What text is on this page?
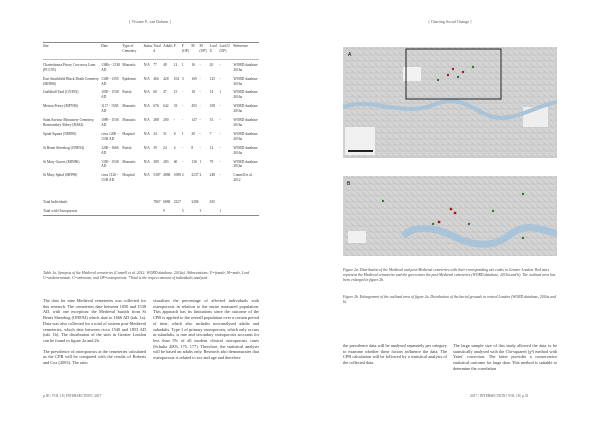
[ Viviane E. van Dalsem ]	[ Charting Social Change ]
Site	Date	Type of Cemetery	Status	Total #	Adults	F	F (OP)	M	M (OP)	Lord U	Lord U (OP)	Reference
Charterhouse Priory Cowcross Lane (PCC95)	1380s - 1538 AD	Monastic	N/A	77	48	12	1	16	-	20	-	WORD database 2016a
East Smithfield Black Death Cemetery (MIN86)	1348 - 1350 AD	Epidemic	N/A	466	428	104	3	169	-	125	-	WORD database 2016a
Guildhall Yard (GYE92)	1050 - 1538 AD	Parish	N/A	60	47	15	-	18	-	14	1	WORD database 2016a
Merton Priory (MPY86)	1117 - 1538 AD	Monastic	N/A	676	642	33	-	493	-	108	-	WORD database 2016a
Saint Saviour Monastery Cemetery, Bermondsey Abbey (BA84)	1089 - 1538 AD	Monastic	N/A	288	200	-	-	147	-	53	-	WORD database 2016a
Spital Square (NEB90)	circa 1200 - 1538 AD	Hospital	N/A	34	31	8	1	20	-	7	-	WORD database 2016a
St Benet Sherehog (ONE94)	1200 - 1666 AD	Parish	N/A	39	24	4	-	8	-	12	-	WORD database 2016a
St Mary Graces (MIN86)	1350 - 1538 AD	Monastic	N/A	389	283	60	-	136	1	79	-	WORD database 2016a
St Mary Spital (SRP98)	circa 1120 - 1538 AD	Hospital	N/A	5387	4868	1088	2	2237	2	248	-	Connell et al. 2012
Total Individuals				7867	6868	2327		3286		635		
Total with Osteoporosis					9		5		3		1	
Table 1a. Synopsis of the Medieval cemeteries (Connell et al. 2012; WORD database, 2016a). Abbreviations: F=female, M=male, Lord U=undeterminate, U=unknown, and OP=osteoporosis. *Total is the respect amount of individuals analysed.

The data for nine Medieval cemeteries was collected for this research. The cemeteries date between 1050 and 1538 AD, with one exception: the Medieval burials from St Benet Sherehog (ONE94) which date to 1666 AD (tab. 1a). Data was also collected for a total of sixteen post-Medieval cemeteries, which date between circa 1540 and 1853 AD (tab. 1b). The distribution of the sites in Greater London can be found in figure 2a and 2b.

The prevalence of osteoporosis at the cemeteries calculated as the CPR will be compared with the results of Roberts and Cox (2003). The ratio

visualises the percentage of affected individuals with osteoporosis in relation to the entire measured population. This approach has its limitations since the outcome of the CPR is applied to the overall population over a certain period of time, which also includes non-analysed adults and subadults. Type 1 of primary osteoporosis, which only occurs in subadults, is rare and secondary osteoporosis accounts for less than 5% of all modern clinical osteoporosis cases (Schultz 2003, 175, 177). Therefore, the statistical analysis will be based on adults only. Research also demonstrates that osteoporosis is related to sex and age and therefore
p.30 | VOL 18 | INTERSECTION | 2017	2017 | INTERSECTION | VOL 18 | p.31
A
B
Figure 2a. Distribution of the Medieval and post-Medieval cemeteries with their corresponding site codes in Greater London. Red stars represent the Medieval cemeteries and the green stars the post-Medieval cemeteries (WORD database, 2016a and b). The outlined area has been enlarged in figure 2b.
Figure 2b. Enlargement of the outlined area of figure 2a. Distribution of the burial grounds in central London (WORD database, 2016a and b).
the prevalence data will be analysed separately per category to examine whether these factors influence the data. The CPR calculation will be followed by a statistical analysis of the collected data.
The large sample size of this study allowed the data to be statistically analysed with the Chi-squared (χ²) method with Yates' correction. The latter provides a conservative statistical outcome for large data. This method is suitable to determine the correlation
